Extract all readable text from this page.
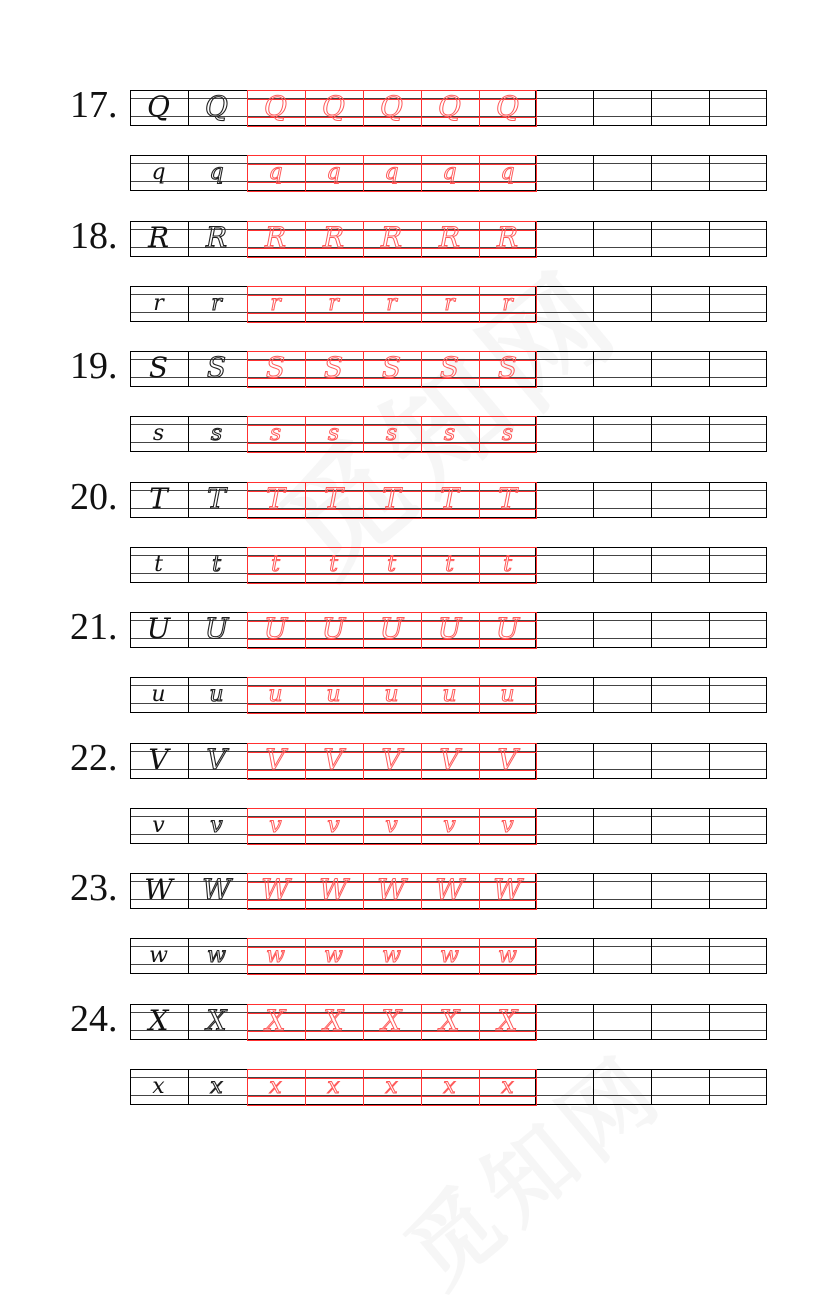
Q	Q	Q	Q	Q	Q	Q
17.
q	q	q	q	q	q	q
R	R	R	R	R	R	R
18.
r	r	r	r	r	r	r
S	S	S	S	S	S	S
19.
s	s	s	s	s	s	s
T	T	T	T	T	T	T
20.
t	t	t	t	t	t	t
U	U	U	U	U	U	U
21.
u	u	u	u	u	u	u
V	V	V	V	V	V	V
22.
v	v	v	v	v	v	v
W	W	W	W	W	W	W
23.
w	w	w	w	w	w	w
X	X	X	X	X	X	X
24.
x	x	x	x	x	x	x
